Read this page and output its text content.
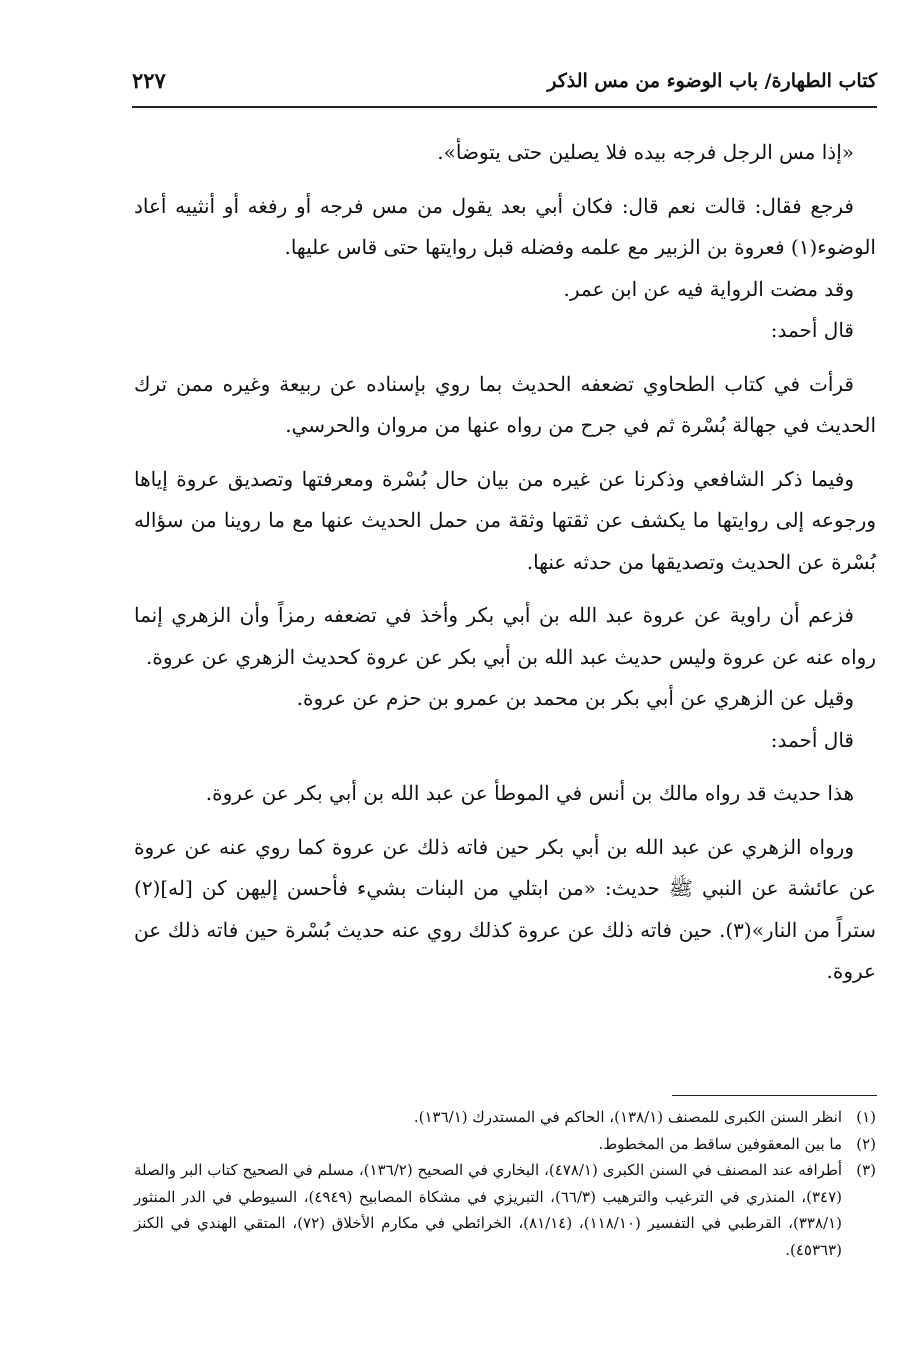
كتاب الطهارة/ باب الوضوء من مس الذكر
٢٢٧

«إذا مس الرجل فرجه بيده فلا يصلين حتى يتوضأ».

فرجع فقال: قالت نعم قال: فكان أبي بعد يقول من مس فرجه أو رفغه أو أنثييه أعاد الوضوء(١) فعروة بن الزبير مع علمه وفضله قبل روايتها حتى قاس عليها.

وقد مضت الرواية فيه عن ابن عمر.

قال أحمد:

قرأت في كتاب الطحاوي تضعفه الحديث بما روي بإسناده عن ربيعة وغيره ممن ترك الحديث في جهالة بُسْرة ثم في جرح من رواه عنها من مروان والحرسي.

وفيما ذكر الشافعي وذكرنا عن غيره من بيان حال بُسْرة ومعرفتها وتصديق عروة إياها ورجوعه إلى روايتها ما يكشف عن ثقتها وثقة من حمل الحديث عنها مع ما روينا من سؤاله بُسْرة عن الحديث وتصديقها من حدثه عنها.

فزعم أن راوية عن عروة عبد الله بن أبي بكر وأخذ في تضعفه رمزاً وأن الزهري إنما رواه عنه عن عروة وليس حديث عبد الله بن أبي بكر عن عروة كحديث الزهري عن عروة.

وقيل عن الزهري عن أبي بكر بن محمد بن عمرو بن حزم عن عروة.

قال أحمد:

هذا حديث قد رواه مالك بن أنس في الموطأ عن عبد الله بن أبي بكر عن عروة.

ورواه الزهري عن عبد الله بن أبي بكر حين فاته ذلك عن عروة كما روي عنه عن عروة عن عائشة عن النبي ﷺ حديث: «من ابتلي من البنات بشيء فأحسن إليهن كن [له](٢) ستراً من النار»(٣). حين فاته ذلك عن عروة كذلك روي عنه حديث بُسْرة حين فاته ذلك عن عروة.

(١)
انظر السنن الكبرى للمصنف (١٣٨/١)، الحاكم في المستدرك (١٣٦/١).
(٢)
ما بين المعقوفين ساقط من المخطوط.
(٣)
أطرافه عند المصنف في السنن الكبرى (٤٧٨/١)، البخاري في الصحيح (١٣٦/٢)، مسلم في الصحيح كتاب البر والصلة (٣٤٧)، المنذري في الترغيب والترهيب (٦٦/٣)، التبريزي في مشكاة المصابيح (٤٩٤٩)، السيوطي في الدر المنثور (٣٣٨/١)، القرطبي في التفسير (١١٨/١٠)، (٨١/١٤)، الخرائطي في مكارم الأخلاق (٧٢)، المتقي الهندي في الكنز (٤٥٣٦٣).
